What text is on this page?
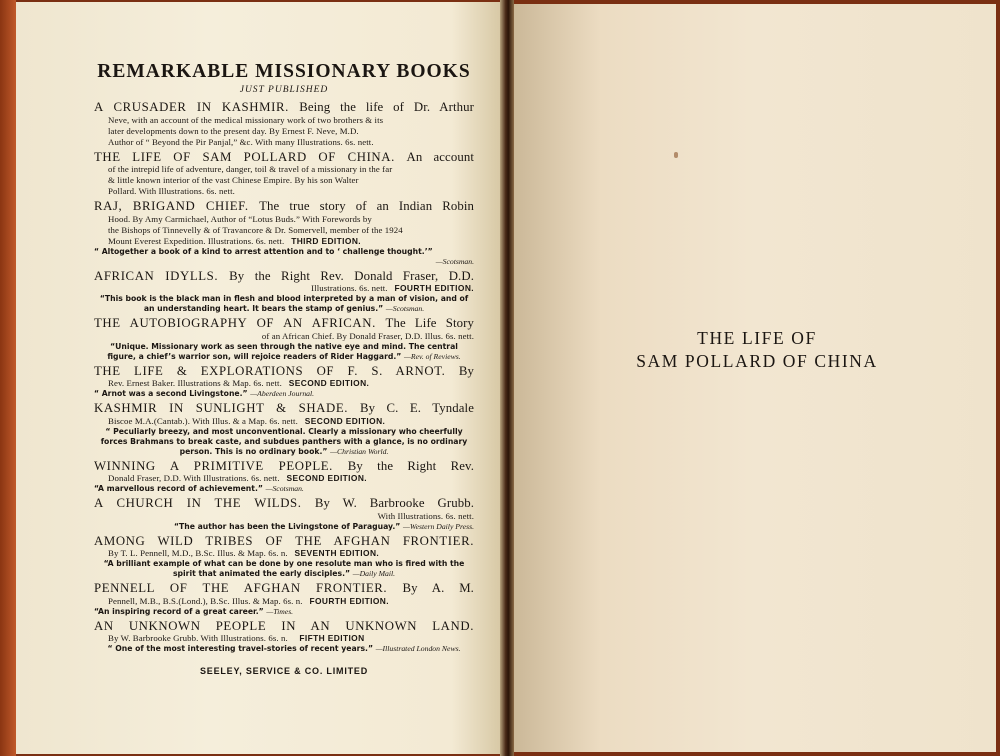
REMARKABLE MISSIONARY BOOKS
JUST PUBLISHED
A CRUSADER IN KASHMIR. Being the life of Dr. Arthur
Neve, with an account of the medical missionary work of two brothers & its
later developments down to the present day. By Ernest F. Neve, M.D.
Author of “ Beyond the Pir Panjal,” &c. With many Illustrations. 6s. nett.
THE LIFE OF SAM POLLARD OF CHINA. An account
of the intrepid life of adventure, danger, toil & travel of a missionary in the far
& little known interior of the vast Chinese Empire. By his son Walter
Pollard. With Illustrations. 6s. nett.
RAJ, BRIGAND CHIEF. The true story of an Indian Robin
Hood. By Amy Carmichael, Author of “Lotus Buds.” With Forewords by
the Bishops of Tinnevelly & of Travancore & Dr. Somervell, member of the 1924
Mount Everest Expedition. Illustrations. 6s. nett. THIRD EDITION.
“ Altogether a book of a kind to arrest attention and to ‘ challenge thought.’”
—Scotsman.
AFRICAN IDYLLS. By the Right Rev. Donald Fraser, D.D.
Illustrations. 6s. nett. FOURTH EDITION.
“This book is the black man in flesh and blood interpreted by a man of vision, and of
an understanding heart. It bears the stamp of genius.” —Scotsman.
THE AUTOBIOGRAPHY OF AN AFRICAN. The Life Story
of an African Chief. By Donald Fraser, D.D. Illus. 6s. nett.
“Unique. Missionary work as seen through the native eye and mind. The central
figure, a chief’s warrior son, will rejoice readers of Rider Haggard.” —Rev. of Reviews.
THE LIFE & EXPLORATIONS OF F. S. ARNOT. By
Rev. Ernest Baker. Illustrations & Map. 6s. nett. SECOND EDITION.
“ Arnot was a second Livingstone.” —Aberdeen Journal.
KASHMIR IN SUNLIGHT & SHADE. By C. E. Tyndale
Biscoe M.A.(Cantab.). With Illus. & a Map. 6s. nett. SECOND EDITION.
“ Peculiarly breezy, and most unconventional. Clearly a missionary who cheerfully
forces Brahmans to break caste, and subdues panthers with a glance, is no ordinary
person. This is no ordinary book.” —Christian World.
WINNING A PRIMITIVE PEOPLE. By the Right Rev.
Donald Fraser, D.D. With Illustrations. 6s. nett. SECOND EDITION.
“A marvellous record of achievement.” —Scotsman.
A CHURCH IN THE WILDS. By W. Barbrooke Grubb.
With Illustrations. 6s. nett.
“The author has been the Livingstone of Paraguay.” —Western Daily Press.
AMONG WILD TRIBES OF THE AFGHAN FRONTIER.
By T. L. Pennell, M.D., B.Sc. Illus. & Map. 6s. n. SEVENTH EDITION.
“A brilliant example of what can be done by one resolute man who is fired with the
spirit that animated the early disciples.” —Daily Mail.
PENNELL OF THE AFGHAN FRONTIER. By A. M.
Pennell, M.B., B.S.(Lond.), B.Sc. Illus. & Map. 6s. n. FOURTH EDITION.
“An inspiring record of a great career.” —Times.
AN UNKNOWN PEOPLE IN AN UNKNOWN LAND.
By W. Barbrooke Grubb. With Illustrations. 6s. n. FIFTH EDITION
“ One of the most interesting travel-stories of recent years.” —Illustrated London News.
SEELEY, SERVICE & CO. LIMITED
THE LIFE OF
SAM POLLARD OF CHINA
